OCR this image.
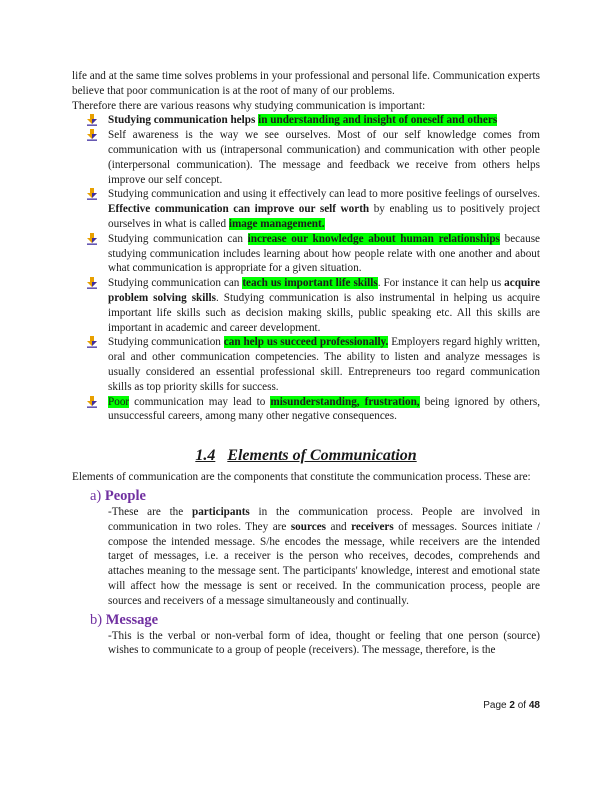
life and at the same time solves problems in your professional and personal life. Communication experts believe that poor communication is at the root of many of our problems.

Therefore there are various reasons why studying communication is important:

Studying communication helps in understanding and insight of oneself and others
Self awareness is the way we see ourselves. Most of our self knowledge comes from communication with us (intrapersonal communication) and communication with other people (interpersonal communication). The message and feedback we receive from others helps improve our self concept.
Studying communication and using it effectively can lead to more positive feelings of ourselves. Effective communication can improve our self worth by enabling us to positively project ourselves in what is called image management.
Studying communication can increase our knowledge about human relationships because studying communication includes learning about how people relate with one another and about what communication is appropriate for a given situation.
Studying communication can teach us important life skills. For instance it can help us acquire problem solving skills. Studying communication is also instrumental in helping us acquire important life skills such as decision making skills, public speaking etc. All this skills are important in academic and career development.
Studying communication can help us succeed professionally. Employers regard highly written, oral and other communication competencies. The ability to listen and analyze messages is usually considered an essential professional skill. Entrepreneurs too regard communication skills as top priority skills for success.
Poor communication may lead to misunderstanding, frustration, being ignored by others, unsuccessful careers, among many other negative consequences.
1.4 Elements of Communication

Elements of communication are the components that constitute the communication process. These are:

a) People

-These are the participants in the communication process. People are involved in communication in two roles. They are sources and receivers of messages. Sources initiate / compose the intended message. S/he encodes the message, while receivers are the intended target of messages, i.e. a receiver is the person who receives, decodes, comprehends and attaches meaning to the message sent. The participants' knowledge, interest and emotional state will affect how the message is sent or received. In the communication process, people are sources and receivers of a message simultaneously and continually.

b) Message

-This is the verbal or non-verbal form of idea, thought or feeling that one person (source) wishes to communicate to a group of people (receivers). The message, therefore, is the

Page 2 of 48
